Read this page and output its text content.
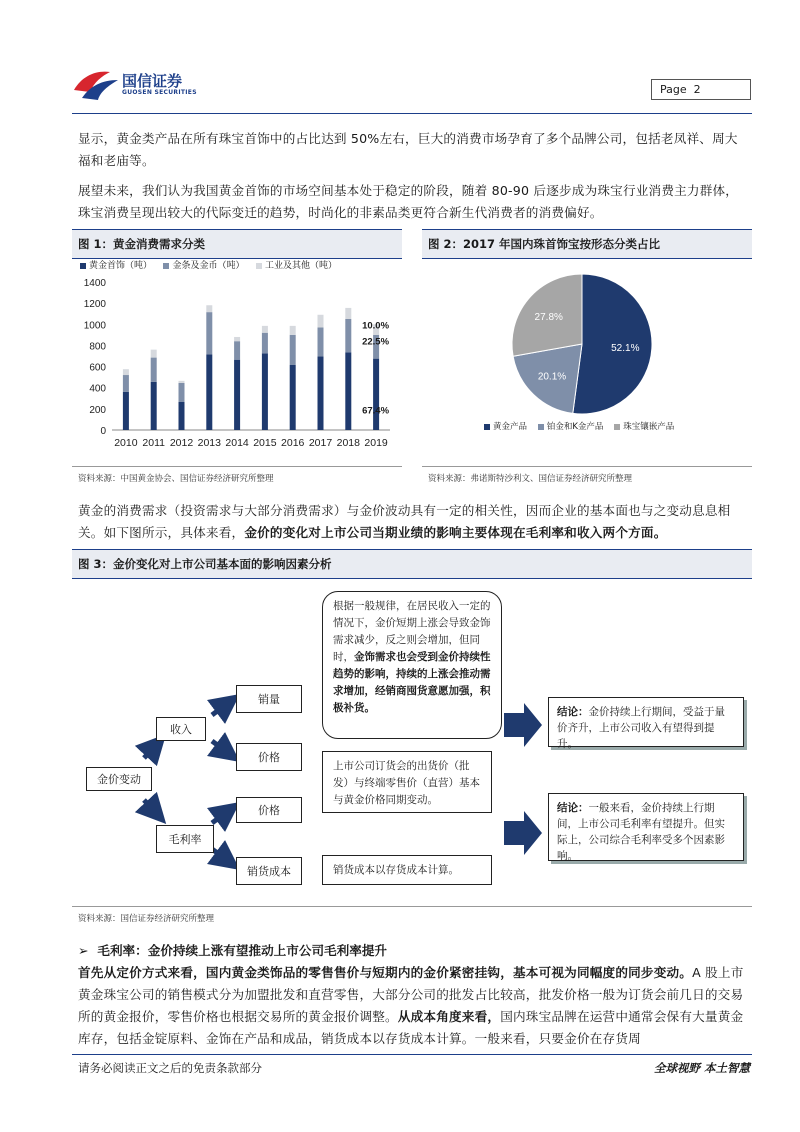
国信证券
GUOSEN SECURITIES	Page 2
显示，黄金类产品在所有珠宝首饰中的占比达到 50%左右，巨大的消费市场孕育了多个品牌公司，包括老凤祥、周大福和老庙等。
展望未来，我们认为我国黄金首饰的市场空间基本处于稳定的阶段，随着 80-90 后逐步成为珠宝行业消费主力群体，珠宝消费呈现出较大的代际变迁的趋势，时尚化的非素品类更符合新生代消费者的消费偏好。
图 1：黄金消费需求分类
黄金首饰（吨） 金条及金币（吨） 工业及其他（吨）
0
200
400
600
800
1000
1200
1400
2010 2011 2012 2013 2014 2015 2016 2017 2018 2019
10.0%
22.5%
67.4%
资料来源：中国黄金协会、国信证券经济研究所整理
图 2：2017 年国内珠首饰宝按形态分类占比
52.1%
20.1%
27.8%
黄金产品 铂金和K金产品 珠宝镶嵌产品
资料来源：弗诺斯特沙利文、国信证券经济研究所整理
黄金的消费需求（投资需求与大部分消费需求）与金价波动具有一定的相关性，因而企业的基本面也与之变动息息相关。如下图所示，具体来看，金价的变化对上市公司当期业绩的影响主要体现在毛利率和收入两个方面。
图 3：金价变化对上市公司基本面的影响因素分析
金价变动
收入
销量
价格
毛利率
价格
销货成本
根据一般规律，在居民收入一定的情况下，金价短期上涨会导致金饰需求减少，反之则会增加，但同时，金饰需求也会受到金价持续性趋势的影响，持续的上涨会推动需求增加，经销商囤货意愿加强，积极补货。
上市公司订货会的出货价（批发）与终端零售价（直营）基本与黄金价格同期变动。
销货成本以存货成本计算。
结论：金价持续上行期间，受益于量价齐升，上市公司收入有望得到提升。
结论：一般来看，金价持续上行期间，上市公司毛利率有望提升。但实际上，公司综合毛利率受多个因素影响。
资料来源：国信证券经济研究所整理
➢ 毛利率：金价持续上涨有望推动上市公司毛利率提升
首先从定价方式来看，国内黄金类饰品的零售售价与短期内的金价紧密挂钩，基本可视为同幅度的同步变动。A 股上市黄金珠宝公司的销售模式分为加盟批发和直营零售，大部分公司的批发占比较高，批发价格一般为订货会前几日的交易所的黄金报价，零售价格也根据交易所的黄金报价调整。从成本角度来看，国内珠宝品牌在运营中通常会保有大量黄金库存，包括金锭原料、金饰在产品和成品，销货成本以存货成本计算。一般来看，只要金价在存货周
请务必阅读正文之后的免责条款部分	全球视野 本土智慧
